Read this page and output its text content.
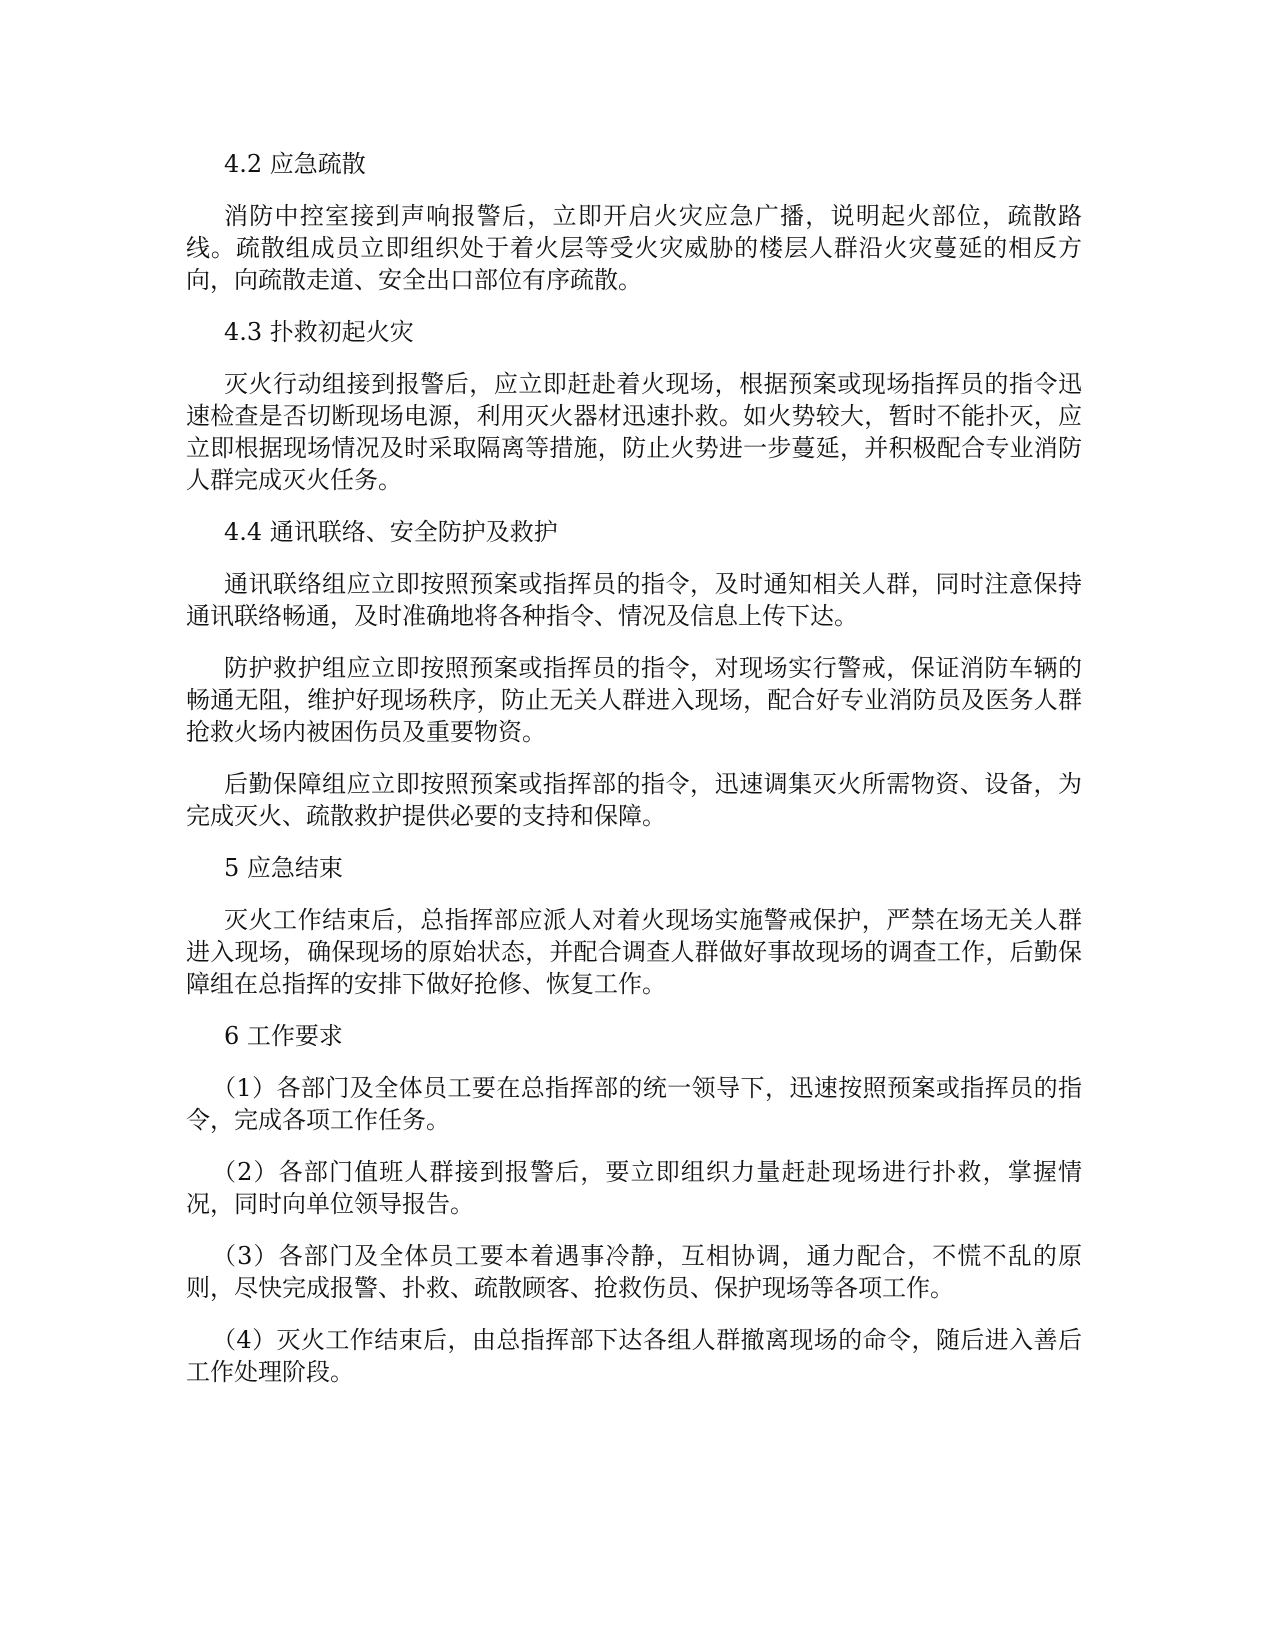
4.2 应急疏散

消防中控室接到声响报警后，立即开启火灾应急广播，说明起火部位，疏散路线。疏散组成员立即组织处于着火层等受火灾威胁的楼层人群沿火灾蔓延的相反方向，向疏散走道、安全出口部位有序疏散。

4.3 扑救初起火灾

灭火行动组接到报警后，应立即赶赴着火现场，根据预案或现场指挥员的指令迅速检查是否切断现场电源，利用灭火器材迅速扑救。如火势较大，暂时不能扑灭，应立即根据现场情况及时采取隔离等措施，防止火势进一步蔓延，并积极配合专业消防人群完成灭火任务。

4.4 通讯联络、安全防护及救护

通讯联络组应立即按照预案或指挥员的指令，及时通知相关人群，同时注意保持通讯联络畅通，及时准确地将各种指令、情况及信息上传下达。

防护救护组应立即按照预案或指挥员的指令，对现场实行警戒，保证消防车辆的畅通无阻，维护好现场秩序，防止无关人群进入现场，配合好专业消防员及医务人群抢救火场内被困伤员及重要物资。

后勤保障组应立即按照预案或指挥部的指令，迅速调集灭火所需物资、设备，为完成灭火、疏散救护提供必要的支持和保障。

5 应急结束

灭火工作结束后，总指挥部应派人对着火现场实施警戒保护，严禁在场无关人群进入现场，确保现场的原始状态，并配合调查人群做好事故现场的调查工作，后勤保障组在总指挥的安排下做好抢修、恢复工作。

6 工作要求

（1）各部门及全体员工要在总指挥部的统一领导下，迅速按照预案或指挥员的指令，完成各项工作任务。

（2）各部门值班人群接到报警后，要立即组织力量赶赴现场进行扑救，掌握情况，同时向单位领导报告。

（3）各部门及全体员工要本着遇事冷静，互相协调，通力配合，不慌不乱的原则，尽快完成报警、扑救、疏散顾客、抢救伤员、保护现场等各项工作。

（4）灭火工作结束后，由总指挥部下达各组人群撤离现场的命令，随后进入善后工作处理阶段。
